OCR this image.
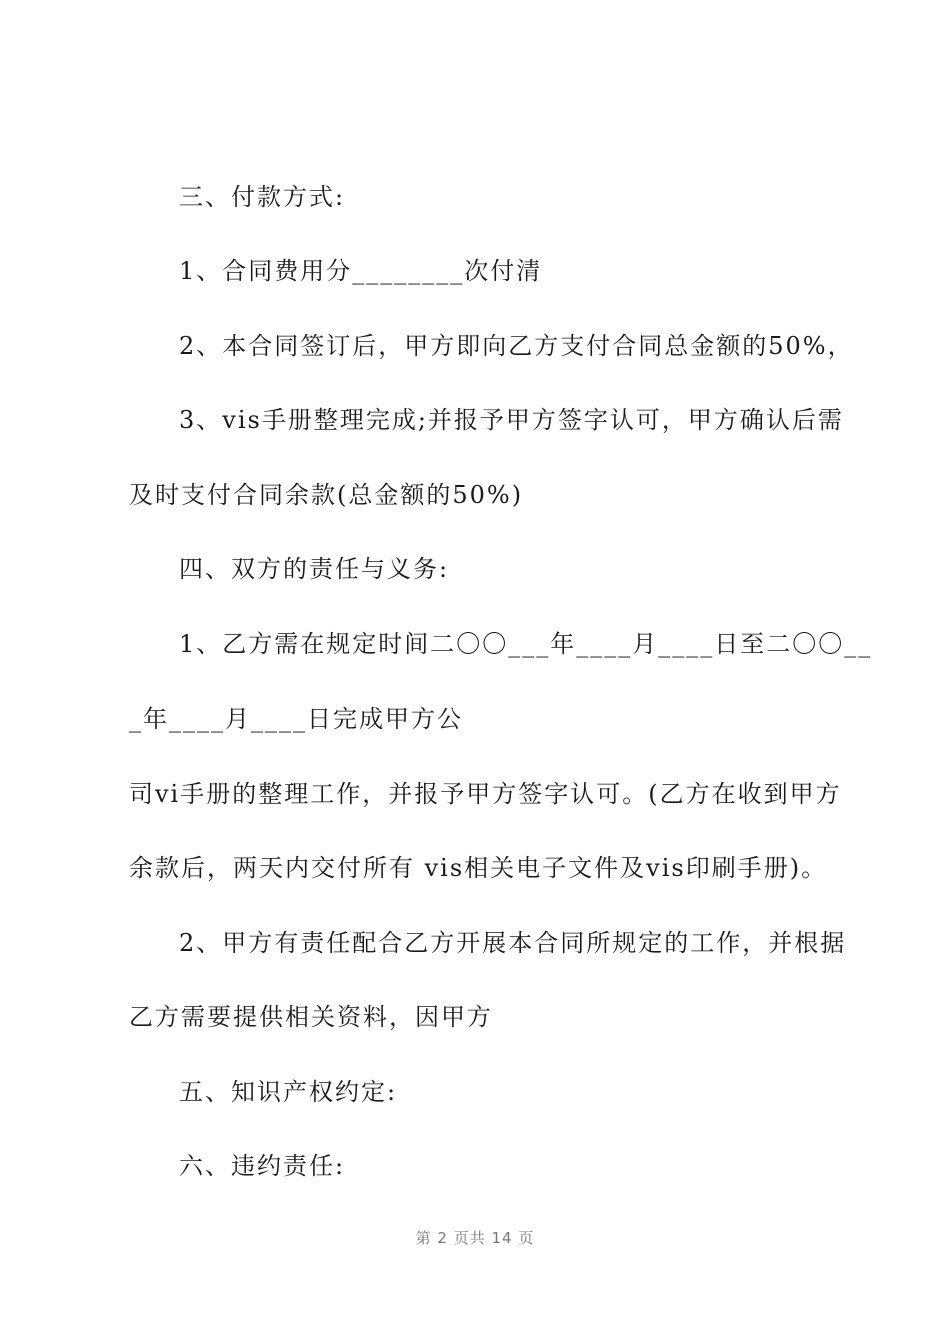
三、付款方式:
1、合同费用分________次付清
2、本合同签订后，甲方即向乙方支付合同总金额的50%，
3、vis手册整理完成;并报予甲方签字认可，甲方确认后需
及时支付合同余款(总金额的50%)
四、双方的责任与义务:
1、乙方需在规定时间二〇〇___年____月____日至二〇〇__
_年____月____日完成甲方公
司vi手册的整理工作，并报予甲方签字认可。(乙方在收到甲方
余款后，两天内交付所有 vis相关电子文件及vis印刷手册)。
2、甲方有责任配合乙方开展本合同所规定的工作，并根据
乙方需要提供相关资料，因甲方
五、知识产权约定:
六、违约责任:
第 2 页共 14 页
